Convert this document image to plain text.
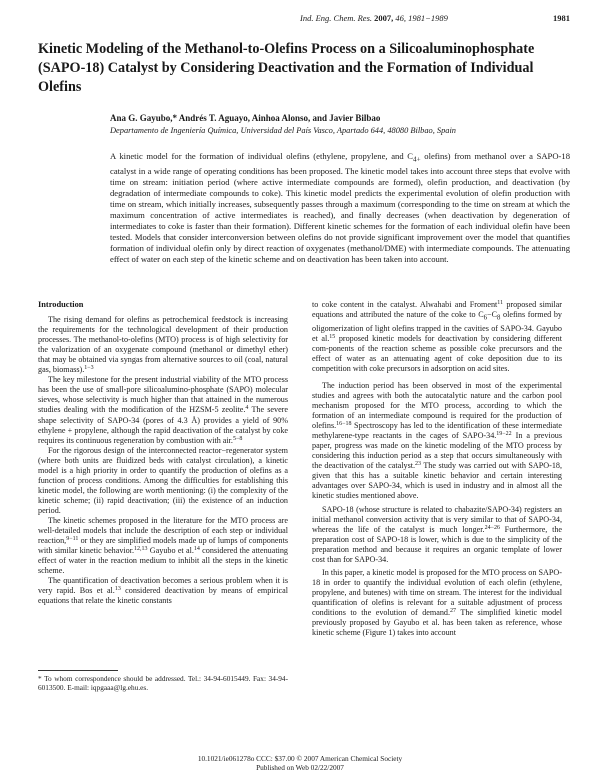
Ind. Eng. Chem. Res. 2007, 46, 1981−1989	1981
Kinetic Modeling of the Methanol-to-Olefins Process on a Silicoaluminophosphate (SAPO-18) Catalyst by Considering Deactivation and the Formation of Individual Olefins
Ana G. Gayubo,* Andrés T. Aguayo, Ainhoa Alonso, and Javier Bilbao
Departamento de Ingeniería Química, Universidad del País Vasco, Apartado 644, 48080 Bilbao, Spain
A kinetic model for the formation of individual olefins (ethylene, propylene, and $C_{4+}$ olefins) from methanol over a SAPO-18 catalyst in a wide range of operating conditions has been proposed. The kinetic model takes into account three steps that evolve with time on stream: initiation period (where active intermediate compounds are formed), olefin production, and deactivation (by degradation of intermediate compounds to coke). This kinetic model predicts the experimental evolution of olefin production with time on stream, which initially increases, subsequently passes through a maximum (corresponding to the time on stream at which the maximum concentration of active intermediates is reached), and finally decreases (when deactivation by degeneration of intermediates to coke is faster than their formation). Different kinetic schemes for the formation of each individual olefin have been tested. Models that consider interconversion between olefins do not provide significant improvement over the model that quantifies formation of individual olefin only by direct reaction of oxygenates (methanol/DME) with intermediate compounds. The attenuating effect of water on each step of the kinetic scheme and on deactivation has been taken into account.
Introduction

The rising demand for olefins as petrochemical feedstock is increasing the requirements for the technological development of their production processes. The methanol-to-olefins (MTO) process is of high selectivity for the valorization of an oxygenate compound (methanol or dimethyl ether) that may be obtained via syngas from alternative sources to oil (coal, natural gas, biomass).$^{1-3}$

The key milestone for the present industrial viability of the MTO process has been the use of small-pore silicoalumino-phosphate (SAPO) molecular sieves, whose selectivity is much higher than that attained in the numerous studies dealing with the modification of the HZSM-5 zeolite.$^4$ The severe shape selectivity of SAPO-34 (pores of 4.3 Å) provides a yield of 90% ethylene + propylene, although the rapid deactivation of the catalyst by coke requires its continuous regeneration by combustion with air.$^{5-8}$

For the rigorous design of the interconnected reactor−regenerator system (where both units are fluidized beds with catalyst circulation), a kinetic model is a high priority in order to quantify the production of olefins as a function of process conditions. Among the difficulties for establishing this kinetic model, the following are worth mentioning: (i) the complexity of the kinetic scheme; (ii) rapid deactivation; (iii) the existence of an induction period.

The kinetic schemes proposed in the literature for the MTO process are well-detailed models that include the description of each step or individual reaction,$^{9-11}$ or they are simplified models made up of lumps of components with similar kinetic behavior.$^{12,13}$ Gayubo et al.$^{14}$ considered the attenuating effect of water in the reaction medium to inhibit all the steps in the kinetic scheme.

The quantification of deactivation becomes a serious problem when it is very rapid. Bos et al.$^{13}$ considered deactivation by means of empirical equations that relate the kinetic constants

to coke content in the catalyst. Alwahabi and Froment$^{11}$ proposed similar equations and attributed the nature of the coke to $C_6-C_8$ olefins formed by oligomerization of light olefins trapped in the cavities of SAPO-34. Gayubo et al.$^{15}$ proposed kinetic models for deactivation by considering different com-ponents of the reaction scheme as possible coke precursors and the effect of water as an attenuating agent of coke deposition due to its competition with coke precursors in adsorption on acid sites.

The induction period has been observed in most of the experimental studies and agrees with both the autocatalytic nature and the carbon pool mechanism proposed for the MTO process, according to which the formation of an intermediate compound is required for the production of olefins.$^{16-18}$ Spectroscopy has led to the identification of these intermediate methylarene-type reactants in the cages of SAPO-34.$^{19-22}$ In a previous paper, progress was made on the kinetic modeling of the MTO process by considering this induction period as a step that occurs simultaneously with the deactivation of the catalyst.$^{23}$ The study was carried out with SAPO-18, given that this has a suitable kinetic behavior and certain interesting advantages over SAPO-34, which is used in industry and in almost all the kinetic studies mentioned above.

SAPO-18 (whose structure is related to chabazite/SAPO-34) registers an initial methanol conversion activity that is very similar to that of SAPO-34, whereas the life of the catalyst is much longer.$^{24-26}$ Furthermore, the preparation cost of SAPO-18 is lower, which is due to the simplicity of the preparation method and because it requires an organic template of lower cost than for SAPO-34.

In this paper, a kinetic model is proposed for the MTO process on SAPO-18 in order to quantify the individual evolution of each olefin (ethylene, propylene, and butenes) with time on stream. The interest for the individual quantification of olefins is relevant for a suitable adjustment of process conditions to the evolution of demand.$^{27}$ The simplified kinetic model previously proposed by Gayubo et al. has been taken as reference, whose kinetic scheme (Figure 1) takes into account

* To whom correspondence should be addressed. Tel.: 34-94-6015449. Fax: 34-94-6013500. E-mail: iqpgaaa@lg.ehu.es.
10.1021/ie061278o CCC: $37.00 © 2007 American Chemical Society
Published on Web 02/22/2007
